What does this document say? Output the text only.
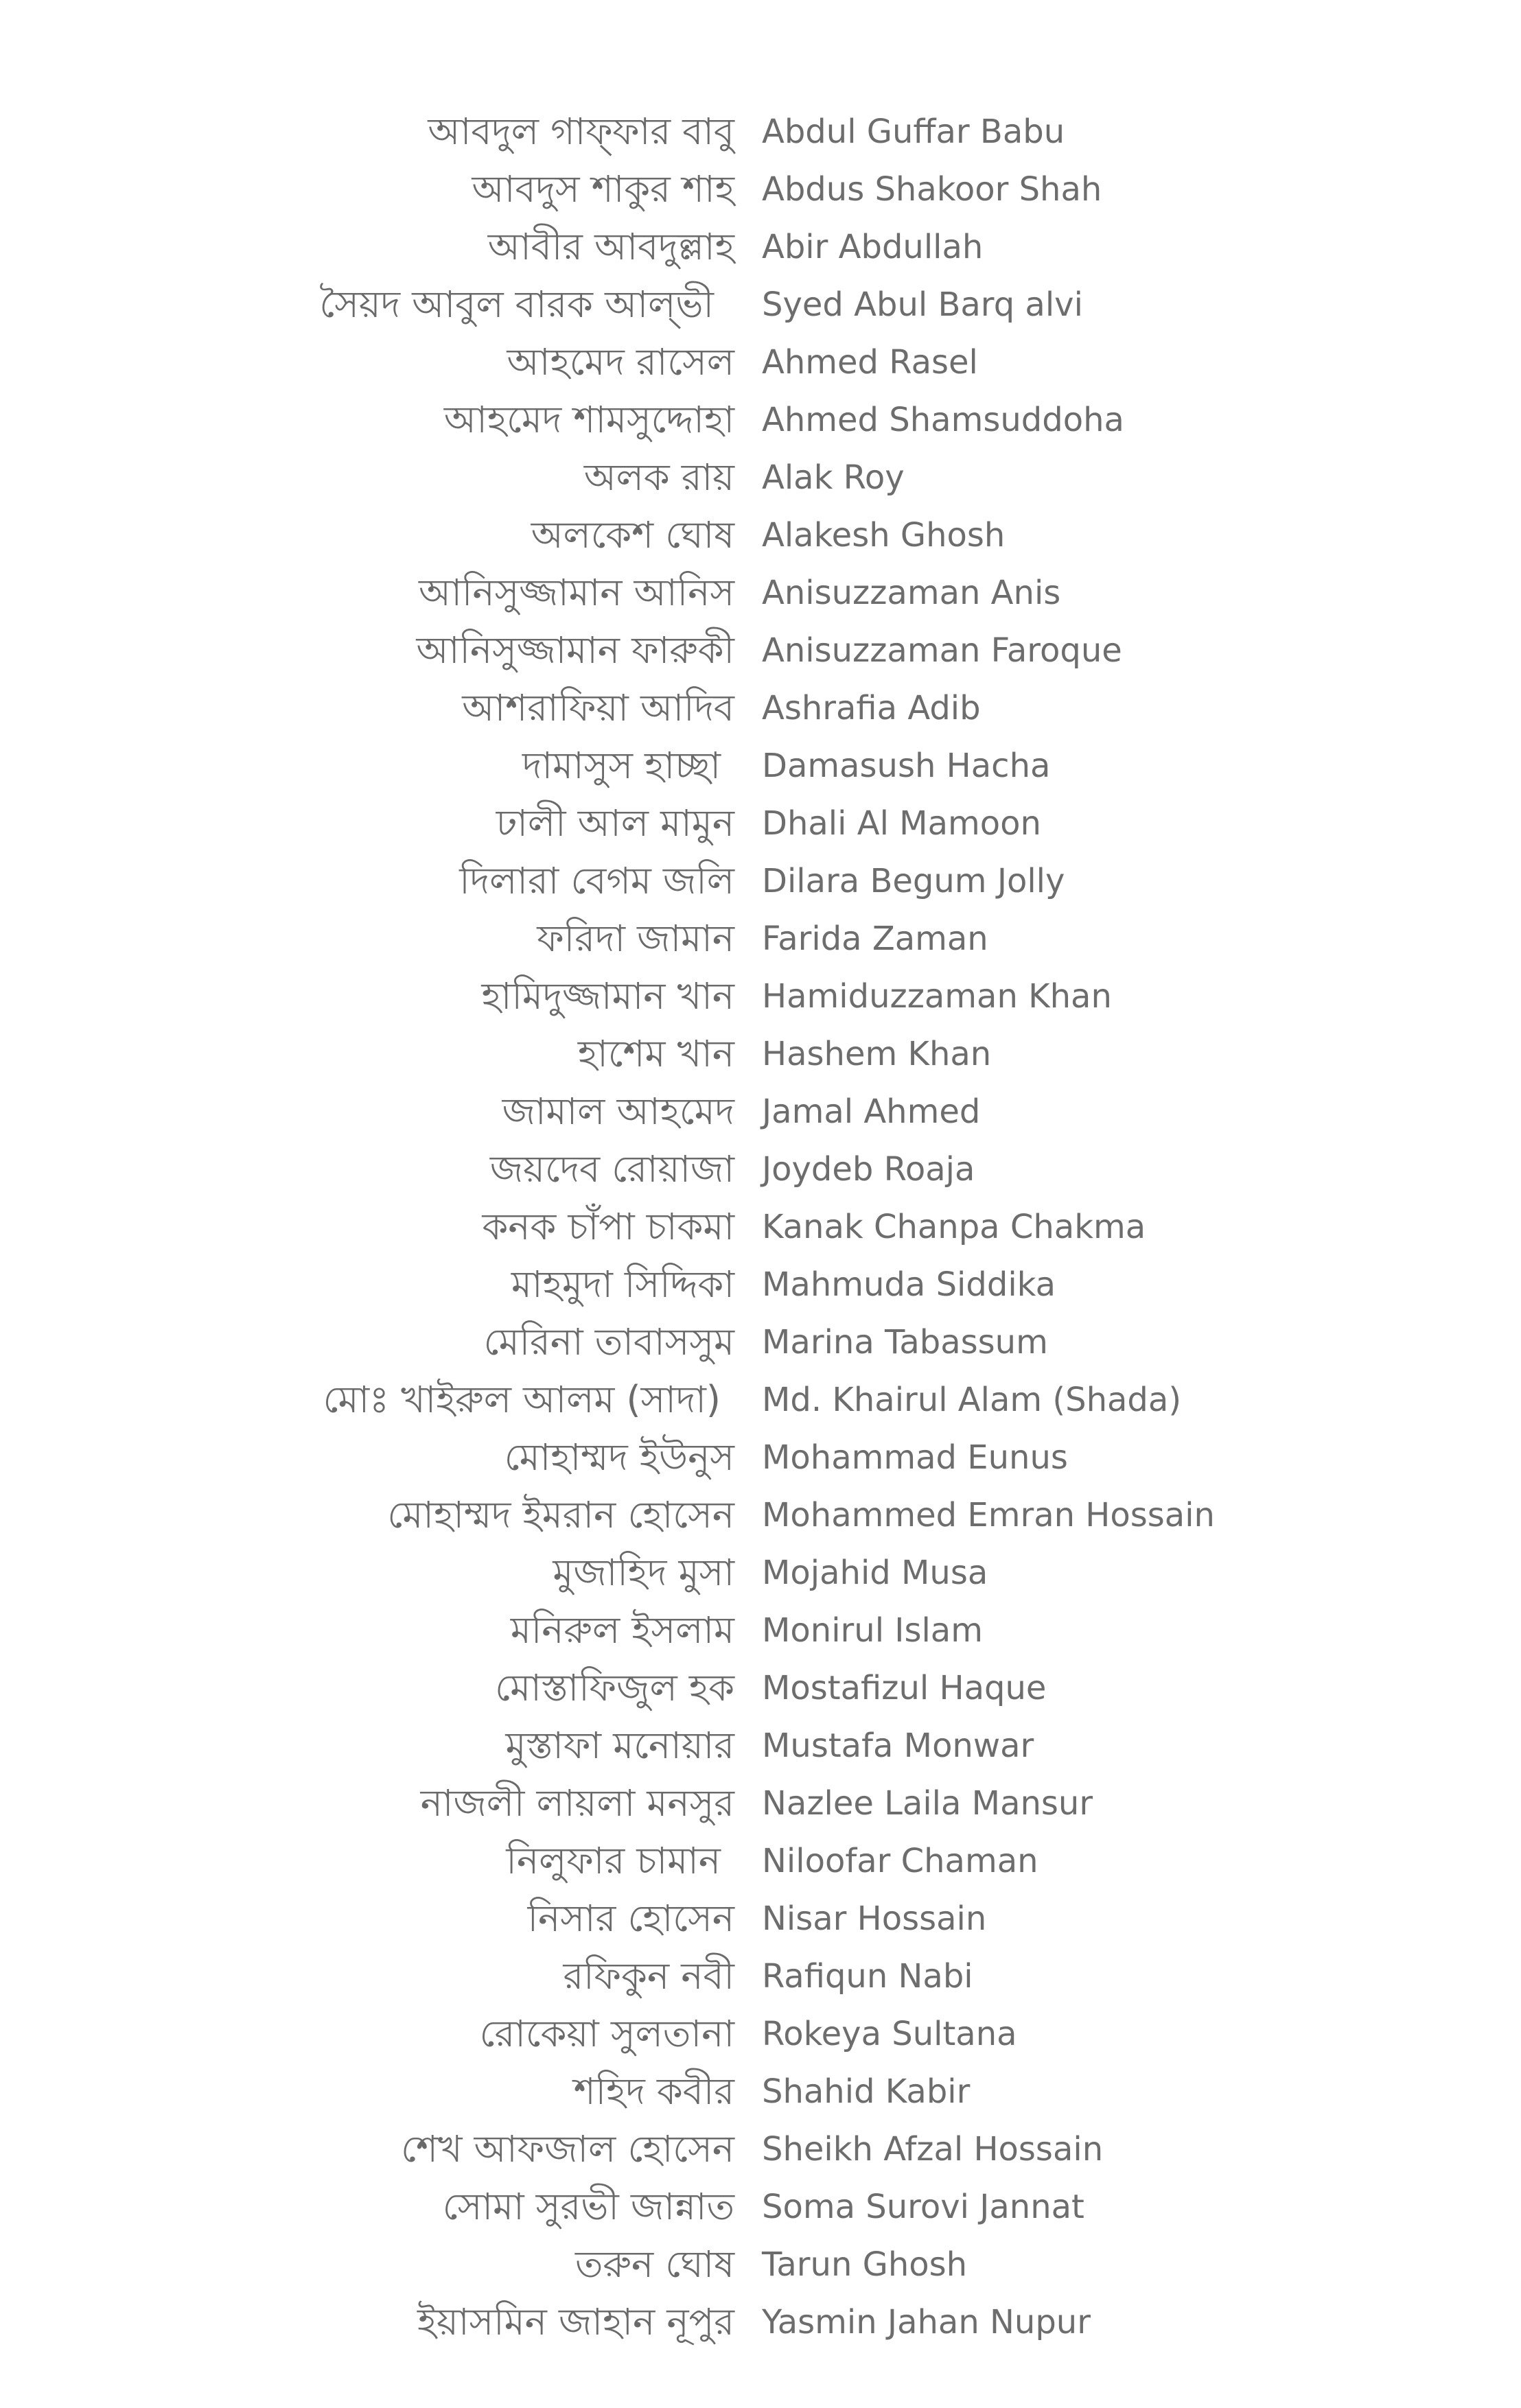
আবদুল গাফ্ফার বাবু Abdul Guffar Babu
আবদুস শাকুর শাহ Abdus Shakoor Shah
আবীর আবদুল্লাহ Abir Abdullah
সৈয়দ আবুল বারক আল্ভী Syed Abul Barq alvi
আহমেদ রাসেল Ahmed Rasel
আহমেদ শামসুদ্দোহা Ahmed Shamsuddoha
অলক রায় Alak Roy
অলকেশ ঘোষ Alakesh Ghosh
আনিসুজ্জামান আনিস Anisuzzaman Anis
আনিসুজ্জামান ফারুকী Anisuzzaman Faroque
আশরাফিয়া আদিব Ashrafia Adib
দামাসুস হাচ্ছা Damasush Hacha
ঢালী আল মামুন Dhali Al Mamoon
দিলারা বেগম জলি Dilara Begum Jolly
ফরিদা জামান Farida Zaman
হামিদুজ্জামান খান Hamiduzzaman Khan
হাশেম খান Hashem Khan
জামাল আহমেদ Jamal Ahmed
জয়দেব রোয়াজা Joydeb Roaja
কনক চাঁপা চাকমা Kanak Chanpa Chakma
মাহমুদা সিদ্দিকা Mahmuda Siddika
মেরিনা তাবাসসুম Marina Tabassum
মোঃ খাইরুল আলম (সাদা) Md. Khairul Alam (Shada)
মোহাম্মদ ইউনুস Mohammad Eunus
মোহাম্মদ ইমরান হোসেন Mohammed Emran Hossain
মুজাহিদ মুসা Mojahid Musa
মনিরুল ইসলাম Monirul Islam
মোস্তাফিজুল হক Mostafizul Haque
মুস্তাফা মনোয়ার Mustafa Monwar
নাজলী লায়লা মনসুর Nazlee Laila Mansur
নিলুফার চামান Niloofar Chaman
নিসার হোসেন Nisar Hossain
রফিকুন নবী Rafiqun Nabi
রোকেয়া সুলতানা Rokeya Sultana
শহিদ কবীর Shahid Kabir
শেখ আফজাল হোসেন Sheikh Afzal Hossain
সোমা সুরভী জান্নাত Soma Surovi Jannat
তরুন ঘোষ Tarun Ghosh
ইয়াসমিন জাহান নূপুর Yasmin Jahan Nupur
